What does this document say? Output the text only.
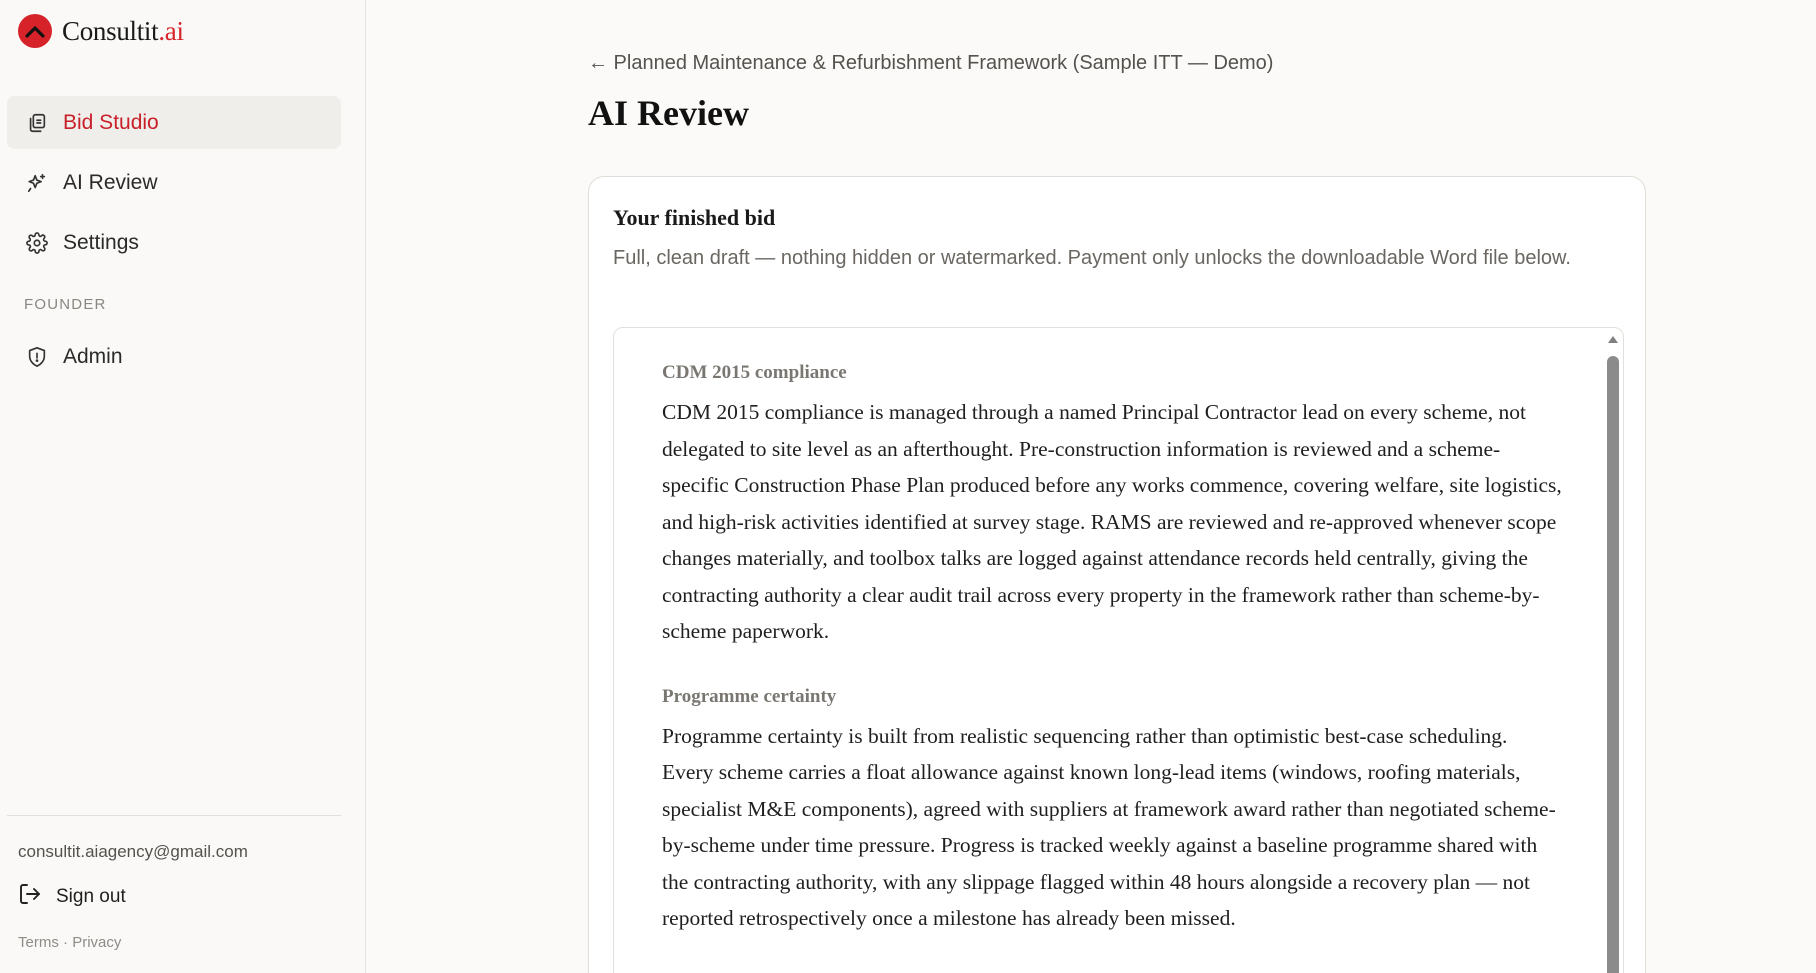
Consultit.ai
Bid Studio
AI Review
Settings
FOUNDER
Admin
consultit.aiagency@gmail.com
Sign out
Terms · Privacy
← Planned Maintenance & Refurbishment Framework (Sample ITT — Demo)
AI Review
Your finished bid
Full, clean draft — nothing hidden or watermarked. Payment only unlocks the downloadable Word file below.
CDM 2015 compliance
CDM 2015 compliance is managed through a named Principal Contractor lead on every scheme, not delegated to site level as an afterthought. Pre-construction information is reviewed and a scheme-specific Construction Phase Plan produced before any works commence, covering welfare, site logistics, and high-risk activities identified at survey stage. RAMS are reviewed and re-approved whenever scope changes materially, and toolbox talks are logged against attendance records held centrally, giving the contracting authority a clear audit trail across every property in the framework rather than scheme-by-scheme paperwork.
Programme certainty
Programme certainty is built from realistic sequencing rather than optimistic best-case scheduling. Every scheme carries a float allowance against known long-lead items (windows, roofing materials, specialist M&E components), agreed with suppliers at framework award rather than negotiated scheme-by-scheme under time pressure. Progress is tracked weekly against a baseline programme shared with the contracting authority, with any slippage flagged within 48 hours alongside a recovery plan — not reported retrospectively once a milestone has already been missed.
